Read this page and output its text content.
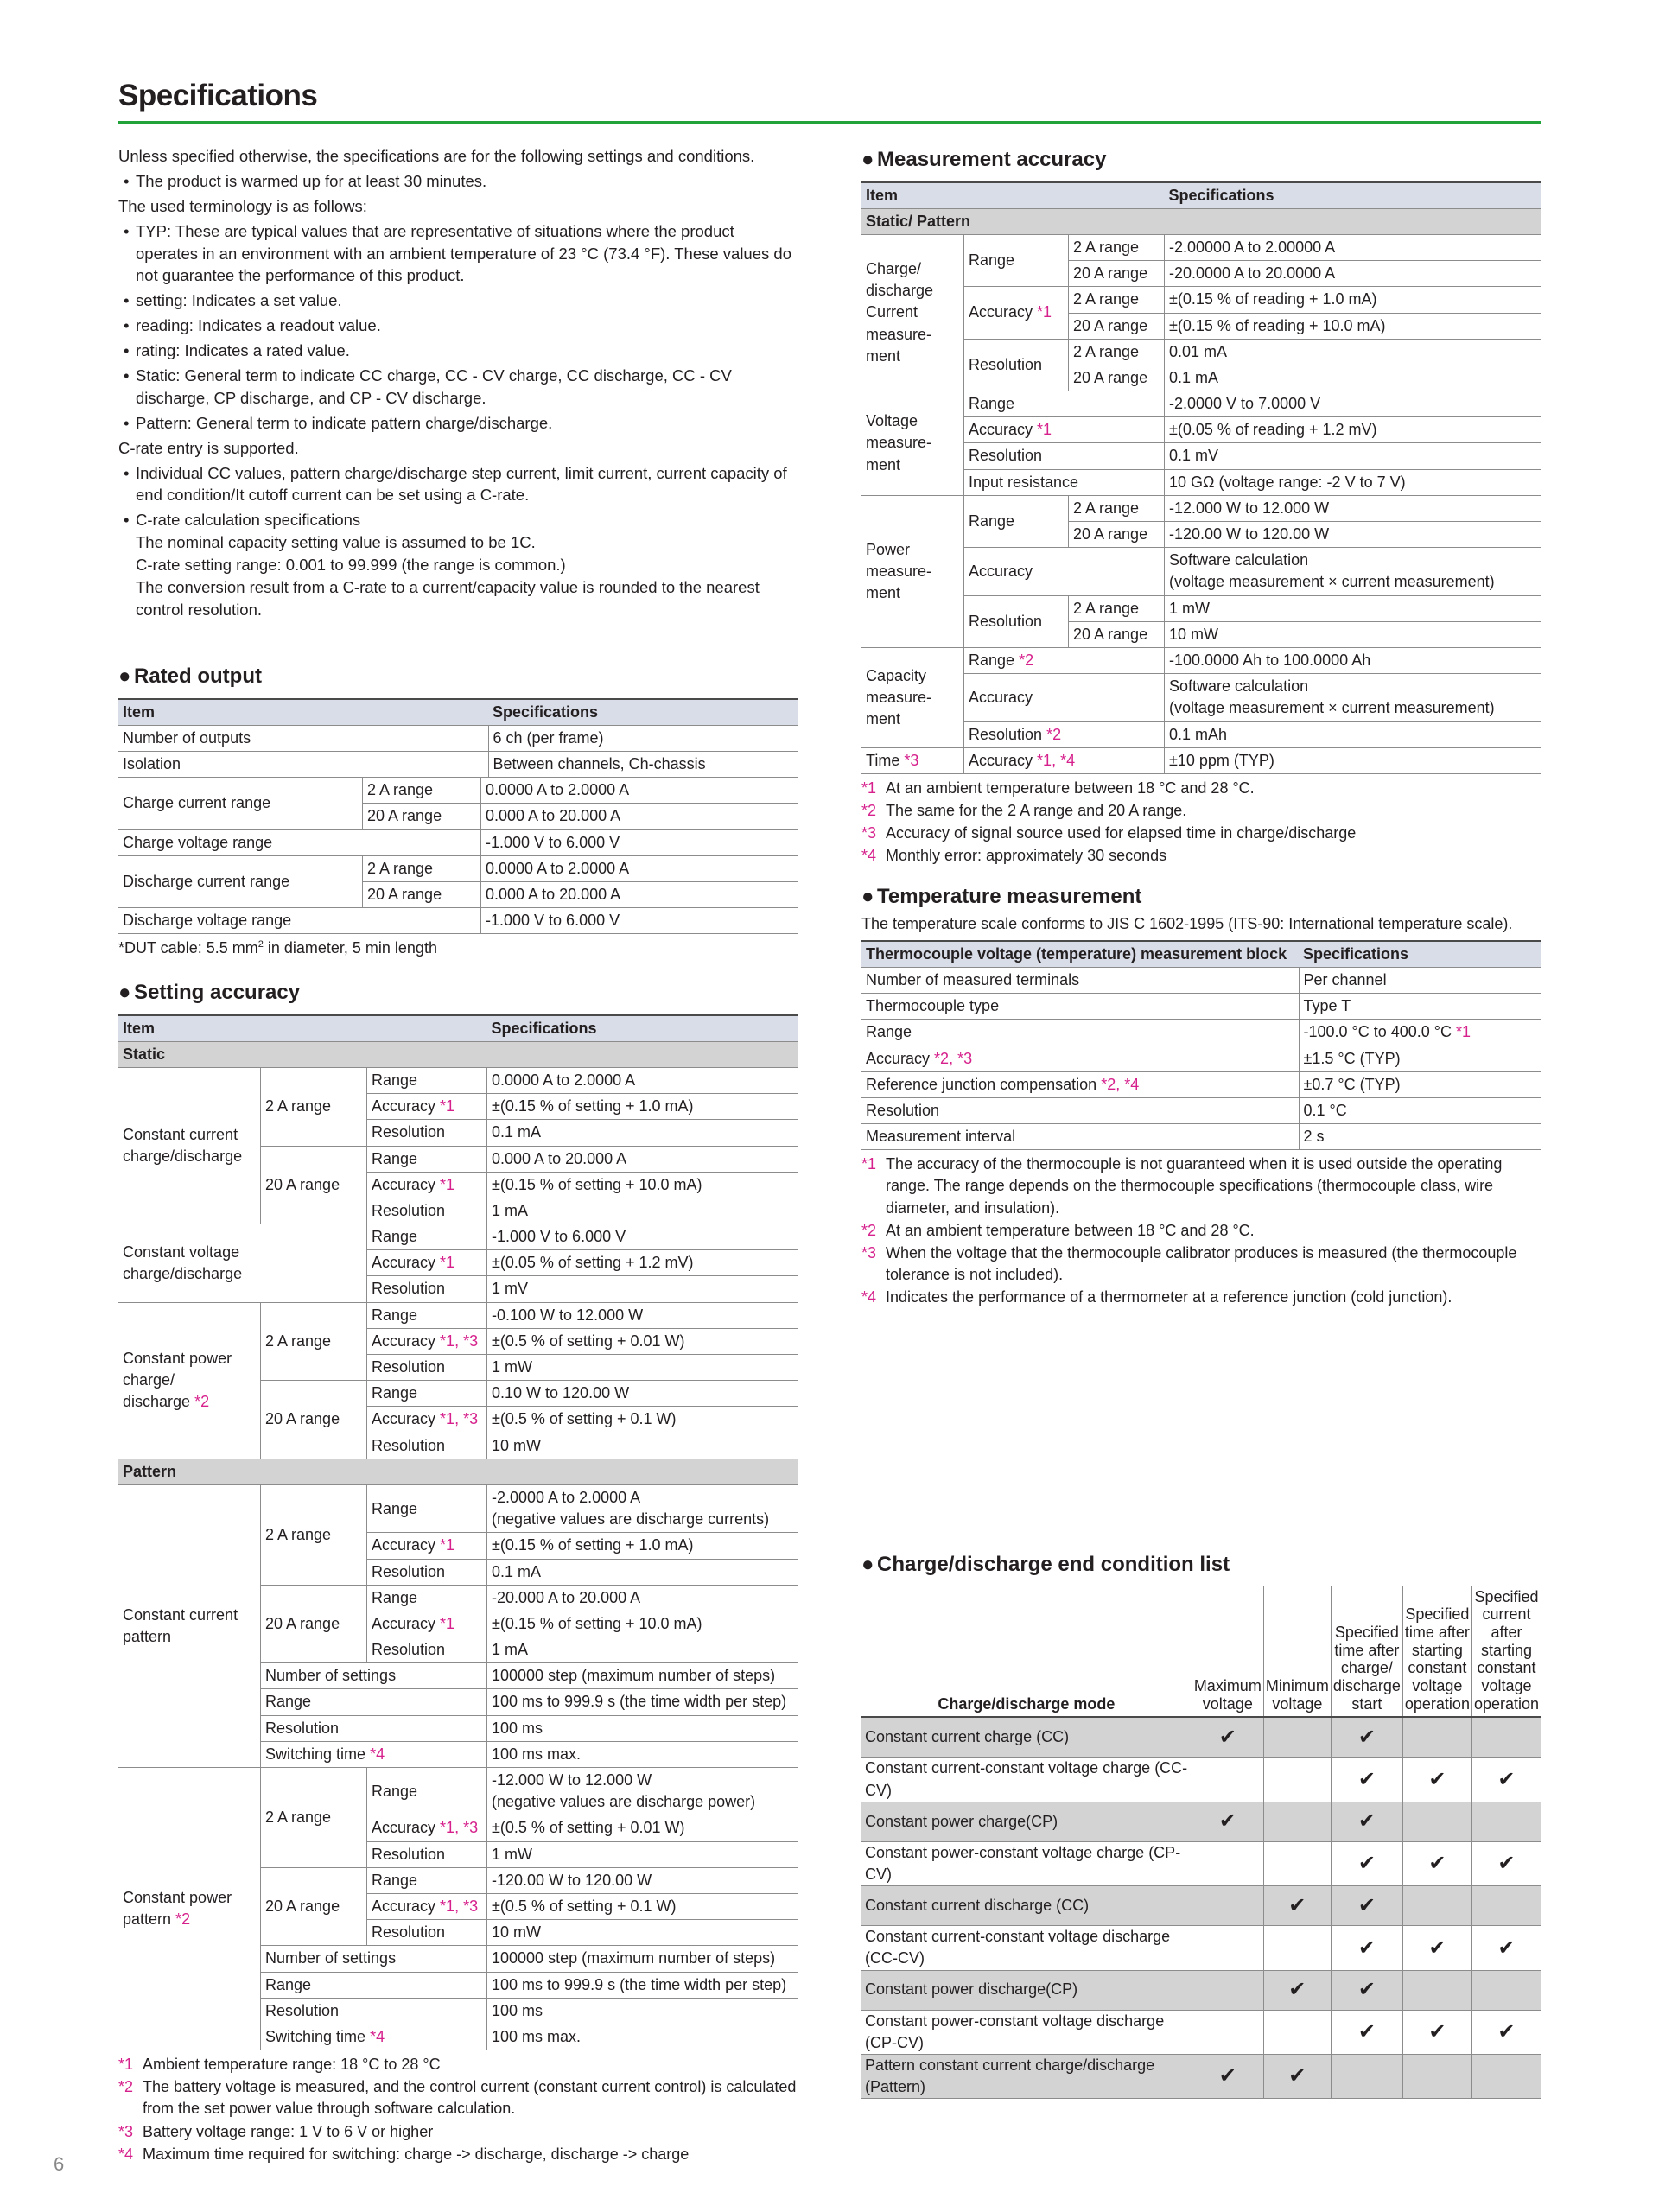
Specifications

Unless specified otherwise, the specifications are for the following settings and conditions.

• The product is warmed up for at least 30 minutes.

The used terminology is as follows:

• TYP: These are typical values that are representative of situations where the product operates in an environment with an ambient temperature of 23 °C (73.4 °F). These values do not guarantee the performance of this product.
• setting: Indicates a set value.
• reading: Indicates a readout value.
• rating: Indicates a rated value.
• Static: General term to indicate CC charge, CC - CV charge, CC discharge, CC - CV discharge, CP discharge, and CP - CV discharge.
• Pattern: General term to indicate pattern charge/discharge.

C-rate entry is supported.

• Individual CC values, pattern charge/discharge step current, limit current, current capacity of end condition/It cutoff current can be set using a C-rate.
• C-rate calculation specifications
The nominal capacity setting value is assumed to be 1C.
C-rate setting range: 0.001 to 99.999 (the range is common.)
The conversion result from a C-rate to a current/capacity value is rounded to the nearest control resolution.
● Rated output
Item	Specifications
Number of outputs	6 ch (per frame)
Isolation	Between channels, Ch-chassis
Charge current range	2 A range	0.0000 A to 2.0000 A
	20 A range	0.000 A to 20.000 A
Charge voltage range		-1.000 V to 6.000 V
Discharge current range	2 A range	0.0000 A to 2.0000 A
	20 A range	0.000 A to 20.000 A
Discharge voltage range		-1.000 V to 6.000 V
*DUT cable: 5.5 $mm^2$ in diameter, 5 min length
● Setting accuracy
Item			Specifications
Static			
Constant current charge/discharge	2 A range	Range	0.0000 A to 2.0000 A
		Accuracy *1	±(0.15 % of setting + 1.0 mA)
		Resolution	0.1 mA
	20 A range	Range	0.000 A to 20.000 A
		Accuracy *1	±(0.15 % of setting + 10.0 mA)
		Resolution	1 mA
Constant voltage charge/discharge		Range	-1.000 V to 6.000 V
		Accuracy *1	±(0.05 % of setting + 1.2 mV)
		Resolution	1 mV
Constant power
charge/
discharge *2	2 A range	Range	-0.100 W to 12.000 W
		Accuracy *1, *3	±(0.5 % of setting + 0.01 W)
		Resolution	1 mW
	20 A range	Range	0.10 W to 120.00 W
		Accuracy *1, *3	±(0.5 % of setting + 0.1 W)
		Resolution	10 mW
Pattern			
Constant current pattern	2 A range	Range	-2.0000 A to 2.0000 A
(negative values are discharge currents)
		Accuracy *1	±(0.15 % of setting + 1.0 mA)
		Resolution	0.1 mA
	20 A range	Range	-20.000 A to 20.000 A
		Accuracy *1	±(0.15 % of setting + 10.0 mA)
		Resolution	1 mA
	Number of settings		100000 step (maximum number of steps)
	Range		100 ms to 999.9 s (the time width per step)
	Resolution		100 ms
	Switching time *4		100 ms max.
Constant power
pattern *2	2 A range	Range	-12.000 W to 12.000 W
(negative values are discharge power)
		Accuracy *1, *3	±(0.5 % of setting + 0.01 W)
		Resolution	1 mW
	20 A range	Range	-120.00 W to 120.00 W
		Accuracy *1, *3	±(0.5 % of setting + 0.1 W)
		Resolution	10 mW
	Number of settings		100000 step (maximum number of steps)
	Range		100 ms to 999.9 s (the time width per step)
	Resolution		100 ms
	Switching time *4		100 ms max.
*1 Ambient temperature range: 18 °C to 28 °C
*2 The battery voltage is measured, and the control current (constant current control) is calculated from the set power value through software calculation.
*3 Battery voltage range: 1 V to 6 V or higher
*4 Maximum time required for switching: charge -> discharge, discharge -> charge
● Measurement accuracy
Item			Specifications
Static/ Pattern			
Charge/
discharge
Current
measure-
ment	Range	2 A range	-2.00000 A to 2.00000 A
		20 A range	-20.0000 A to 20.0000 A
	Accuracy *1	2 A range	±(0.15 % of reading + 1.0 mA)
		20 A range	±(0.15 % of reading + 10.0 mA)
	Resolution	2 A range	0.01 mA
		20 A range	0.1 mA
Voltage
measure-
ment	Range		-2.0000 V to 7.0000 V
	Accuracy *1		±(0.05 % of reading + 1.2 mV)
	Resolution		0.1 mV
	Input resistance		10 GΩ (voltage range: -2 V to 7 V)
Power
measure-
ment	Range	2 A range	-12.000 W to 12.000 W
		20 A range	-120.00 W to 120.00 W
	Accuracy		Software calculation
(voltage measurement × current measurement)
	Resolution	2 A range	1 mW
		20 A range	10 mW
Capacity
measure-
ment	Range *2		-100.0000 Ah to 100.0000 Ah
	Accuracy		Software calculation
(voltage measurement × current measurement)
	Resolution *2		0.1 mAh
Time *3	Accuracy *1, *4		±10 ppm (TYP)
*1 At an ambient temperature between 18 °C and 28 °C.
*2 The same for the 2 A range and 20 A range.
*3 Accuracy of signal source used for elapsed time in charge/discharge
*4 Monthly error: approximately 30 seconds
● Temperature measurement
The temperature scale conforms to JIS C 1602-1995 (ITS-90: International temperature scale).
Thermocouple voltage (temperature) measurement block	Specifications
Number of measured terminals	Per channel
Thermocouple type	Type T
Range	-100.0 °C to 400.0 °C *1
Accuracy *2, *3	±1.5 °C (TYP)
Reference junction compensation *2, *4	±0.7 °C (TYP)
Resolution	0.1 °C
Measurement interval	2 s
*1 The accuracy of the thermocouple is not guaranteed when it is used outside the operating range. The range depends on the thermocouple specifications (thermocouple class, wire diameter, and insulation).
*2 At an ambient temperature between 18 °C and 28 °C.
*3 When the voltage that the thermocouple calibrator produces is measured (the thermocouple tolerance is not included).
*4 Indicates the performance of a thermometer at a reference junction (cold junction).
● Charge/discharge end condition list
Charge/discharge mode	Maximum voltage	Minimum voltage	Specified time after charge/ discharge start	Specified time after starting constant voltage operation	Specified current after starting constant voltage operation
Constant current charge (CC)	✔		✔		
Constant current-constant voltage charge (CC-CV)			✔	✔	✔
Constant power charge(CP)	✔		✔		
Constant power-constant voltage charge (CP-CV)			✔	✔	✔
Constant current discharge (CC)		✔	✔		
Constant current-constant voltage discharge (CC-CV)			✔	✔	✔
Constant power discharge(CP)		✔	✔		
Constant power-constant voltage discharge (CP-CV)			✔	✔	✔
Pattern constant current charge/discharge (Pattern)	✔	✔			
6
